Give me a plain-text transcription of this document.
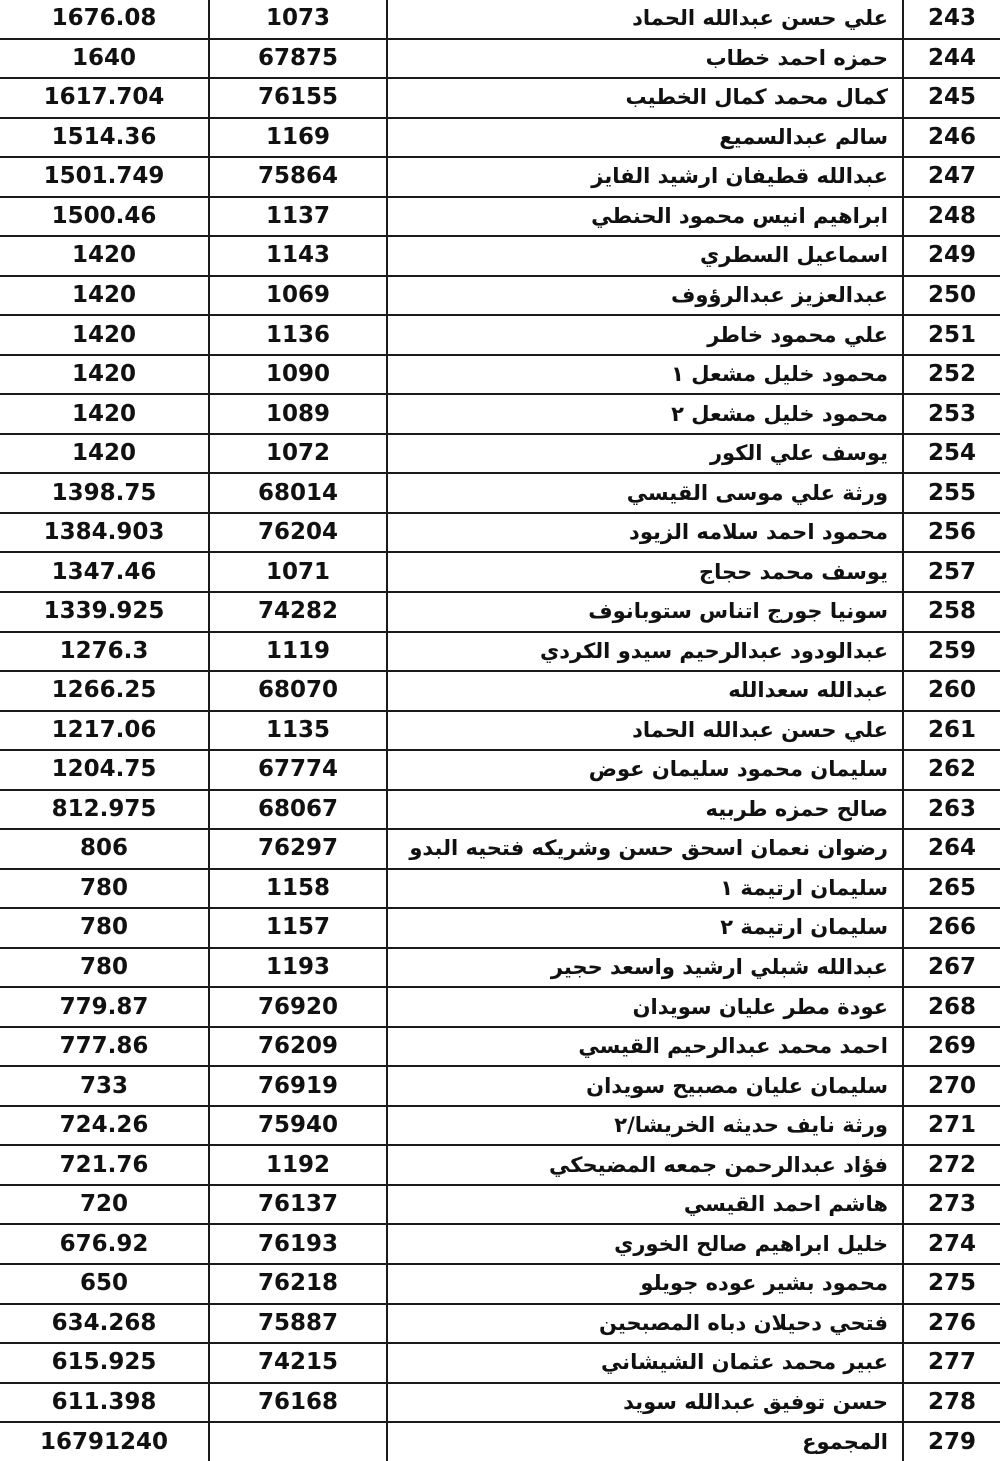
1676.08	1073	علي حسن عبدالله الحماد	243
1640	67875	حمزه احمد خطاب	244
1617.704	76155	كمال محمد كمال الخطيب	245
1514.36	1169	سالم عبدالسميع	246
1501.749	75864	عبدالله قطيفان ارشيد الفايز	247
1500.46	1137	ابراهيم انيس محمود الحنطي	248
1420	1143	اسماعيل السطري	249
1420	1069	عبدالعزيز عبدالرؤوف	250
1420	1136	علي محمود خاطر	251
1420	1090	محمود خليل مشعل ١	252
1420	1089	محمود خليل مشعل ٢	253
1420	1072	يوسف علي الكور	254
1398.75	68014	ورثة علي موسى القيسي	255
1384.903	76204	محمود احمد سلامه الزيود	256
1347.46	1071	يوسف محمد حجاج	257
1339.925	74282	سونيا جورج اتناس ستوبانوف	258
1276.3	1119	عبدالودود عبدالرحيم سيدو الكردي	259
1266.25	68070	عبدالله سعدالله	260
1217.06	1135	علي حسن عبدالله الحماد	261
1204.75	67774	سليمان محمود سليمان عوض	262
812.975	68067	صالح حمزه طربيه	263
806	76297	رضوان نعمان اسحق حسن وشريكه فتحيه البدو	264
780	1158	سليمان ارتيمة ١	265
780	1157	سليمان ارتيمة ٢	266
780	1193	عبدالله شبلي ارشيد واسعد حجير	267
779.87	76920	عودة مطر عليان سويدان	268
777.86	76209	احمد محمد عبدالرحيم القيسي	269
733	76919	سليمان عليان مصبيح سويدان	270
724.26	75940	ورثة نايف حديثه الخريشا/٢	271
721.76	1192	فؤاد عبدالرحمن جمعه المضيحكي	272
720	76137	هاشم احمد القيسي	273
676.92	76193	خليل ابراهيم صالح الخوري	274
650	76218	محمود بشير عوده جويلو	275
634.268	75887	فتحي دحيلان دباه المصبحين	276
615.925	74215	عبير محمد عثمان الشيشاني	277
611.398	76168	حسن توفيق عبدالله سويد	278
16791240		المجموع	279
